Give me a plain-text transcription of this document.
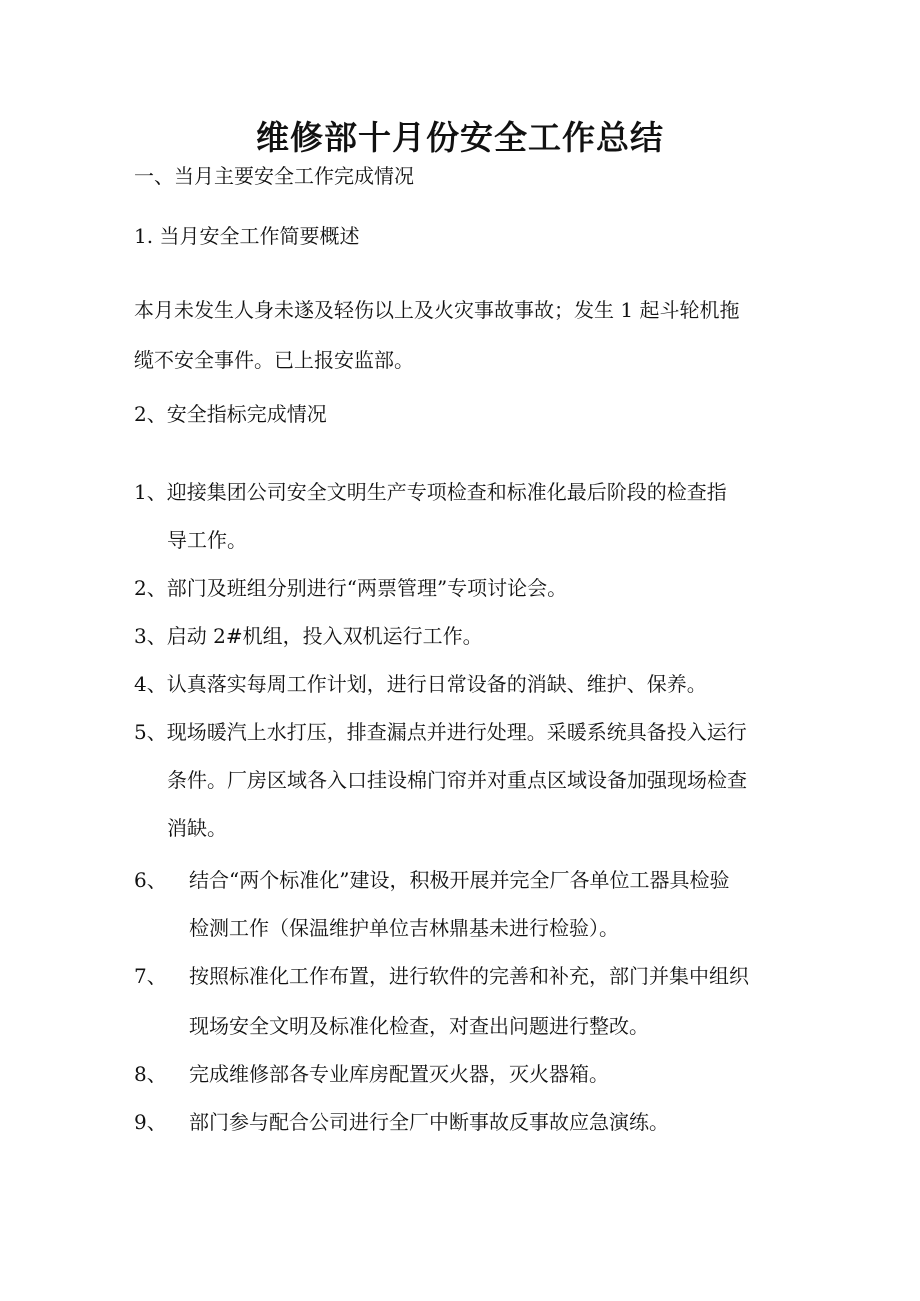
维修部十月份安全工作总结
一、当月主要安全工作完成情况
1. 当月安全工作简要概述
本月未发生人身未遂及轻伤以上及火灾事故事故；发生 1 起斗轮机拖
缆不安全事件。已上报安监部。
2、安全指标完成情况
1、迎接集团公司安全文明生产专项检查和标准化最后阶段的检查指
导工作。
2、部门及班组分别进行“两票管理”专项讨论会。
3、启动 2#机组，投入双机运行工作。
4、认真落实每周工作计划，进行日常设备的消缺、维护、保养。
5、现场暖汽上水打压，排查漏点并进行处理。采暖系统具备投入运行
条件。厂房区域各入口挂设棉门帘并对重点区域设备加强现场检查
消缺。
6、 结合“两个标准化”建设，积极开展并完全厂各单位工器具检验
检测工作（保温维护单位吉林鼎基未进行检验）。
7、 按照标准化工作布置，进行软件的完善和补充，部门并集中组织
现场安全文明及标准化检查，对查出问题进行整改。
8、 完成维修部各专业库房配置灭火器，灭火器箱。
9、 部门参与配合公司进行全厂中断事故反事故应急演练。
